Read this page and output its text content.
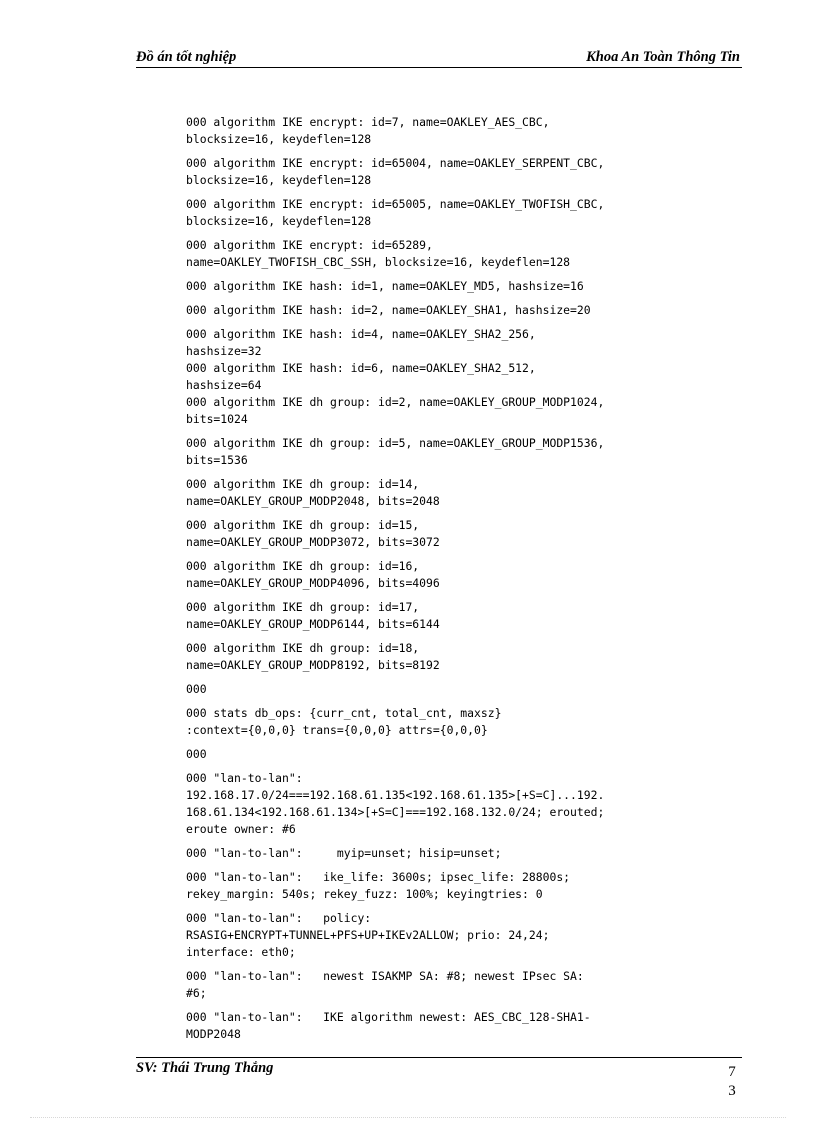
Đồ án tốt nghiệp	Khoa An Toàn Thông Tin

000 algorithm IKE encrypt: id=7, name=OAKLEY_AES_CBC,
blocksize=16, keydeflen=128

000 algorithm IKE encrypt: id=65004, name=OAKLEY_SERPENT_CBC,
blocksize=16, keydeflen=128

000 algorithm IKE encrypt: id=65005, name=OAKLEY_TWOFISH_CBC,
blocksize=16, keydeflen=128

000 algorithm IKE encrypt: id=65289,
name=OAKLEY_TWOFISH_CBC_SSH, blocksize=16, keydeflen=128

000 algorithm IKE hash: id=1, name=OAKLEY_MD5, hashsize=16

000 algorithm IKE hash: id=2, name=OAKLEY_SHA1, hashsize=20

000 algorithm IKE hash: id=4, name=OAKLEY_SHA2_256,
hashsize=32

000 algorithm IKE hash: id=6, name=OAKLEY_SHA2_512,
hashsize=64

000 algorithm IKE dh group: id=2, name=OAKLEY_GROUP_MODP1024,
bits=1024

000 algorithm IKE dh group: id=5, name=OAKLEY_GROUP_MODP1536,
bits=1536

000 algorithm IKE dh group: id=14,
name=OAKLEY_GROUP_MODP2048, bits=2048

000 algorithm IKE dh group: id=15,
name=OAKLEY_GROUP_MODP3072, bits=3072

000 algorithm IKE dh group: id=16,
name=OAKLEY_GROUP_MODP4096, bits=4096

000 algorithm IKE dh group: id=17,
name=OAKLEY_GROUP_MODP6144, bits=6144

000 algorithm IKE dh group: id=18,
name=OAKLEY_GROUP_MODP8192, bits=8192

000

000 stats db_ops: {curr_cnt, total_cnt, maxsz}
:context={0,0,0} trans={0,0,0} attrs={0,0,0}

000

000 "lan-to-lan":
192.168.17.0/24===192.168.61.135<192.168.61.135>[+S=C]...192.
168.61.134<192.168.61.134>[+S=C]===192.168.132.0/24; erouted;
eroute owner: #6

000 "lan-to-lan":     myip=unset; hisip=unset;

000 "lan-to-lan":   ike_life: 3600s; ipsec_life: 28800s;
rekey_margin: 540s; rekey_fuzz: 100%; keyingtries: 0

000 "lan-to-lan":   policy:
RSASIG+ENCRYPT+TUNNEL+PFS+UP+IKEv2ALLOW; prio: 24,24;
interface: eth0;

000 "lan-to-lan":   newest ISAKMP SA: #8; newest IPsec SA:
#6;

000 "lan-to-lan":   IKE algorithm newest: AES_CBC_128-SHA1-
MODP2048

SV: Thái Trung Thắng	7
3
